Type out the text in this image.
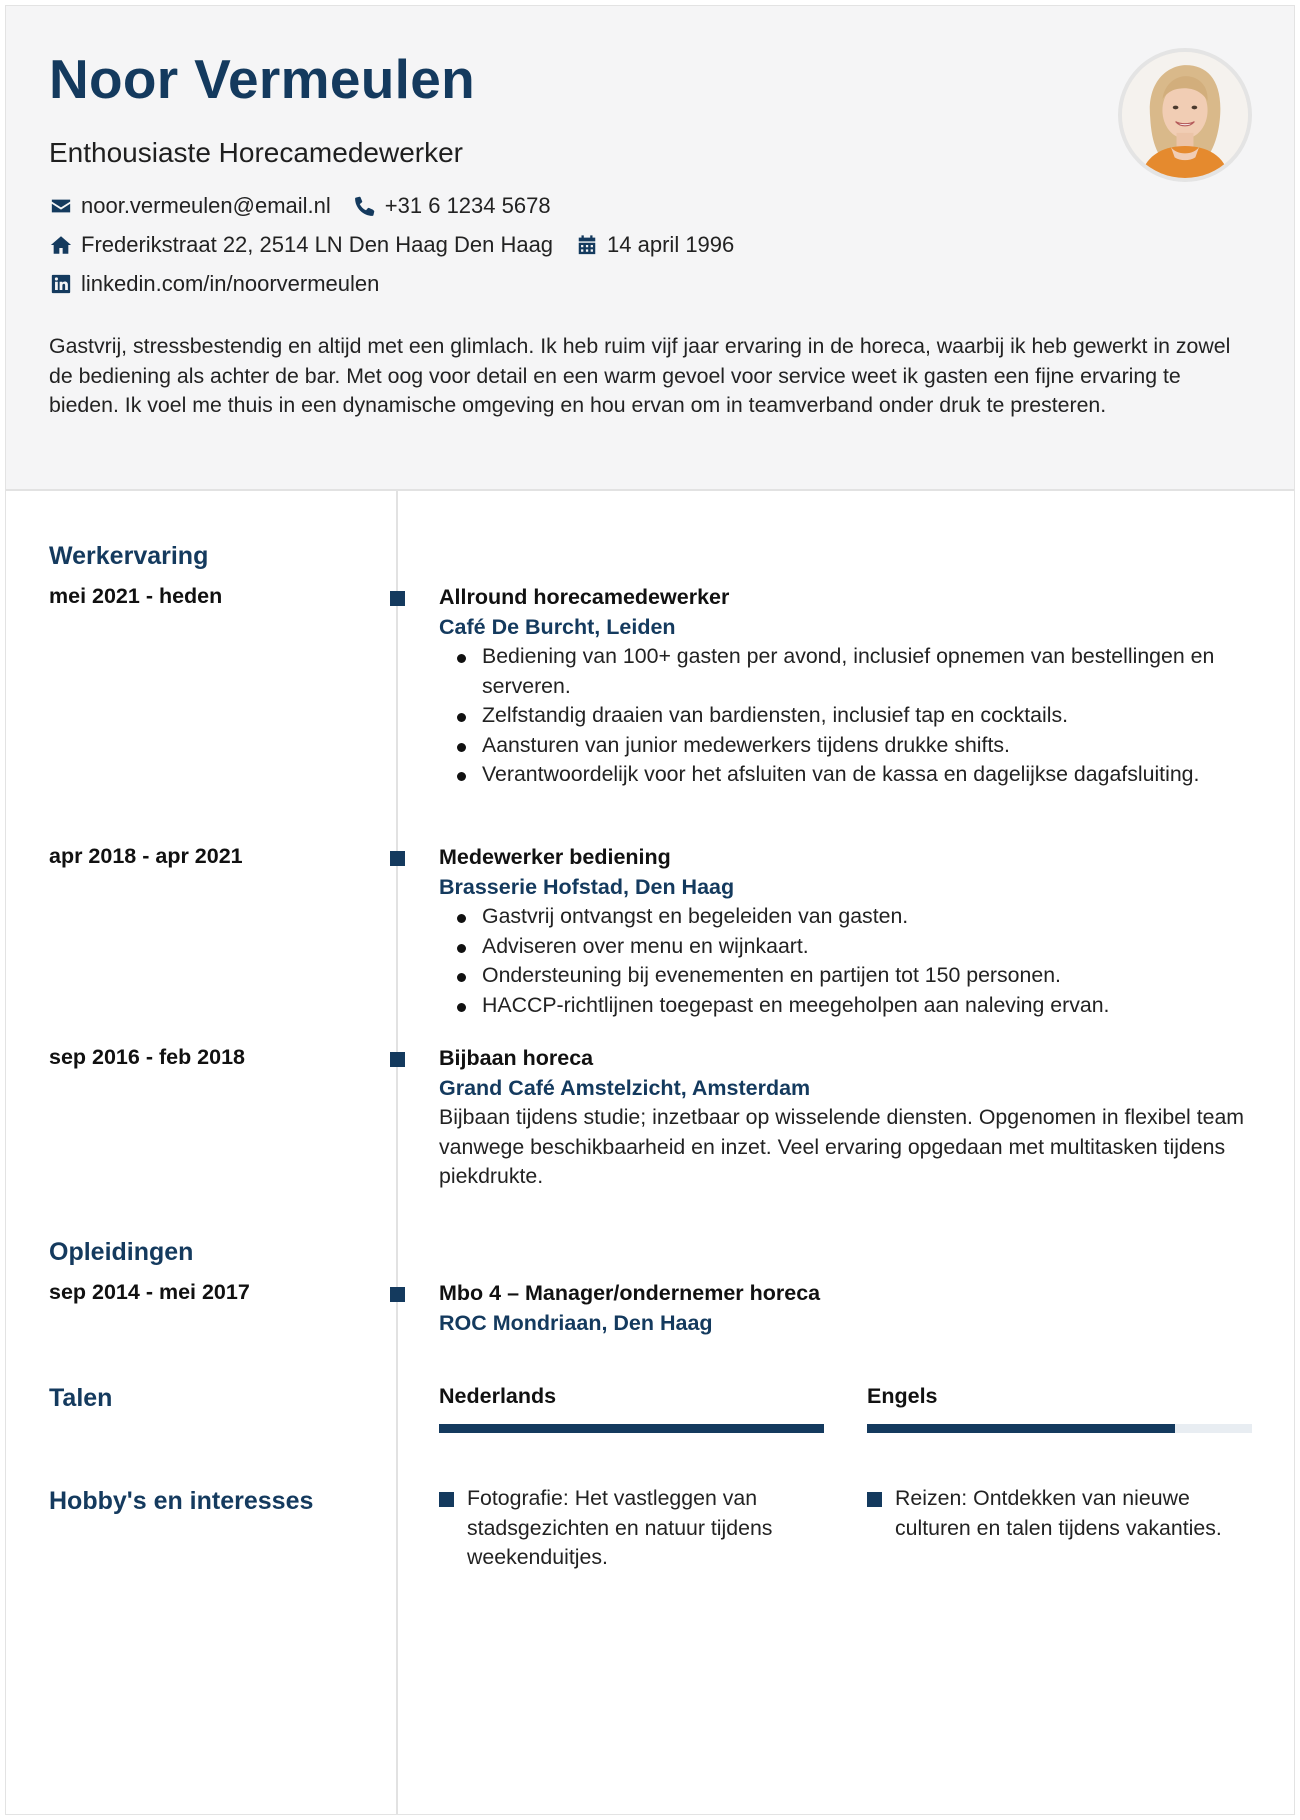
Noor Vermeulen
Enthousiaste Horecamedewerker
noor.vermeulen@email.nl +31 6 1234 5678
Frederikstraat 22, 2514 LN Den Haag Den Haag 14 april 1996
linkedin.com/in/noorvermeulen
Gastvrij, stressbestendig en altijd met een glimlach. Ik heb ruim vijf jaar ervaring in de horeca, waarbij ik heb gewerkt in zowel de bediening als achter de bar. Met oog voor detail en een warm gevoel voor service weet ik gasten een fijne ervaring te bieden. Ik voel me thuis in een dynamische omgeving en hou ervan om in teamverband onder druk te presteren.
Werkervaring
mei 2021 - heden	Allround horecamedewerker
Café De Burcht, Leiden
Bediening van 100+ gasten per avond, inclusief opnemen van bestellingen en serveren.
Zelfstandig draaien van bardiensten, inclusief tap en cocktails.
Aansturen van junior medewerkers tijdens drukke shifts.
Verantwoordelijk voor het afsluiten van de kassa en dagelijkse dagafsluiting.
apr 2018 - apr 2021	Medewerker bediening
Brasserie Hofstad, Den Haag
Gastvrij ontvangst en begeleiden van gasten.
Adviseren over menu en wijnkaart.
Ondersteuning bij evenementen en partijen tot 150 personen.
HACCP-richtlijnen toegepast en meegeholpen aan naleving ervan.
sep 2016 - feb 2018	Bijbaan horeca
Grand Café Amstelzicht, Amsterdam
Bijbaan tijdens studie; inzetbaar op wisselende diensten. Opgenomen in flexibel team vanwege beschikbaarheid en inzet. Veel ervaring opgedaan met multitasken tijdens piekdrukte.
Opleidingen
sep 2014 - mei 2017	Mbo 4 – Manager/ondernemer horeca
ROC Mondriaan, Den Haag
Talen	Nederlands	Engels
Hobby's en interesses	Fotografie: Het vastleggen van stadsgezichten en natuur tijdens weekenduitjes.
Reizen: Ontdekken van nieuwe culturen en talen tijdens vakanties.
